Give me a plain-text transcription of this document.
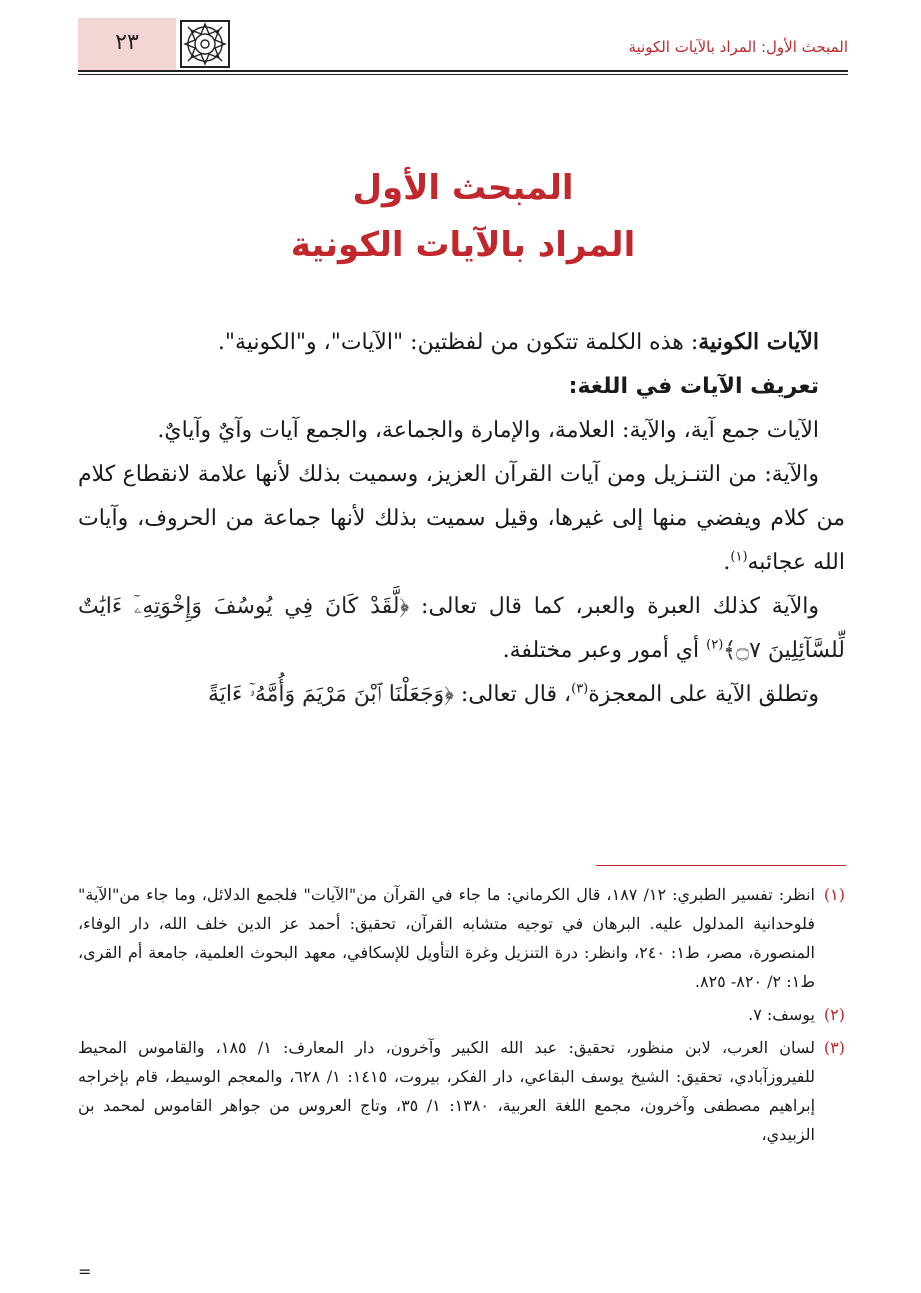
٢٣	المبحث الأول: المراد بالآيات الكونية
المبحث الأول
المراد بالآيات الكونية

الآيات الكونية: هذه الكلمة تتكون من لفظتين: "الآيات"، و"الكونية".

تعريف الآيات في اللغة:

الآيات جمع آية، والآية: العلامة، والإمارة والجماعة، والجمع آيات وآيٌ وآيايٌ.

والآية: من التنـزيل ومن آيات القرآن العزيز، وسميت بذلك لأنها علامة لانقطاع كلام من كلام ويفضي منها إلى غيرها، وقيل سميت بذلك لأنها جماعة من الحروف، وآيات الله عجائبه$^{(١)}$.

والآية كذلك العبرة والعبر، كما قال تعالى: ﴿لَّقَدْ كَانَ فِي يُوسُفَ وَإِخْوَتِهِۦٓ ءَايَٰتٌ لِّلسَّآئِلِينَ ۝٧﴾$^{(٢)}$ أي أمور وعبر مختلفة.

وتطلق الآية على المعجزة$^{(٣)}$، قال تعالى: ﴿وَجَعَلْنَا ٱبْنَ مَرْيَمَ وَأُمَّهُۥٓ ءَايَةً

(١)
انظر: تفسير الطبري: ١٢/ ١٨٧، قال الكرماني: ما جاء في القرآن من"الآيات" فلجمع الدلائل، وما جاء من"الآية" فلوحدانية المدلول عليه. البرهان في توجيه متشابه القرآن، تحقيق: أحمد عز الدين خلف الله، دار الوفاء، المنصورة، مصر، ط١: ٢٤٠، وانظر: درة التنزيل وغرة التأويل للإسكافي، معهد البحوث العلمية، جامعة أم القرى، ط١: ٢/ ٨٢٠- ٨٢٥.
(٢)
يوسف: ٧.
(٣)
لسان العرب، لابن منظور، تحقيق: عبد الله الكبير وآخرون، دار المعارف: ١/ ١٨٥، والقاموس المحيط للفيروزآبادي، تحقيق: الشيخ يوسف البقاعي، دار الفكر، بيروت، ١٤١٥: ١/ ٦٢٨، والمعجم الوسيط، قام بإخراجه إبراهيم مصطفى وآخرون، مجمع اللغة العربية، ١٣٨٠: ١/ ٣٥، وتاج العروس من جواهر القاموس لمحمد بن الزبيدي،
=
